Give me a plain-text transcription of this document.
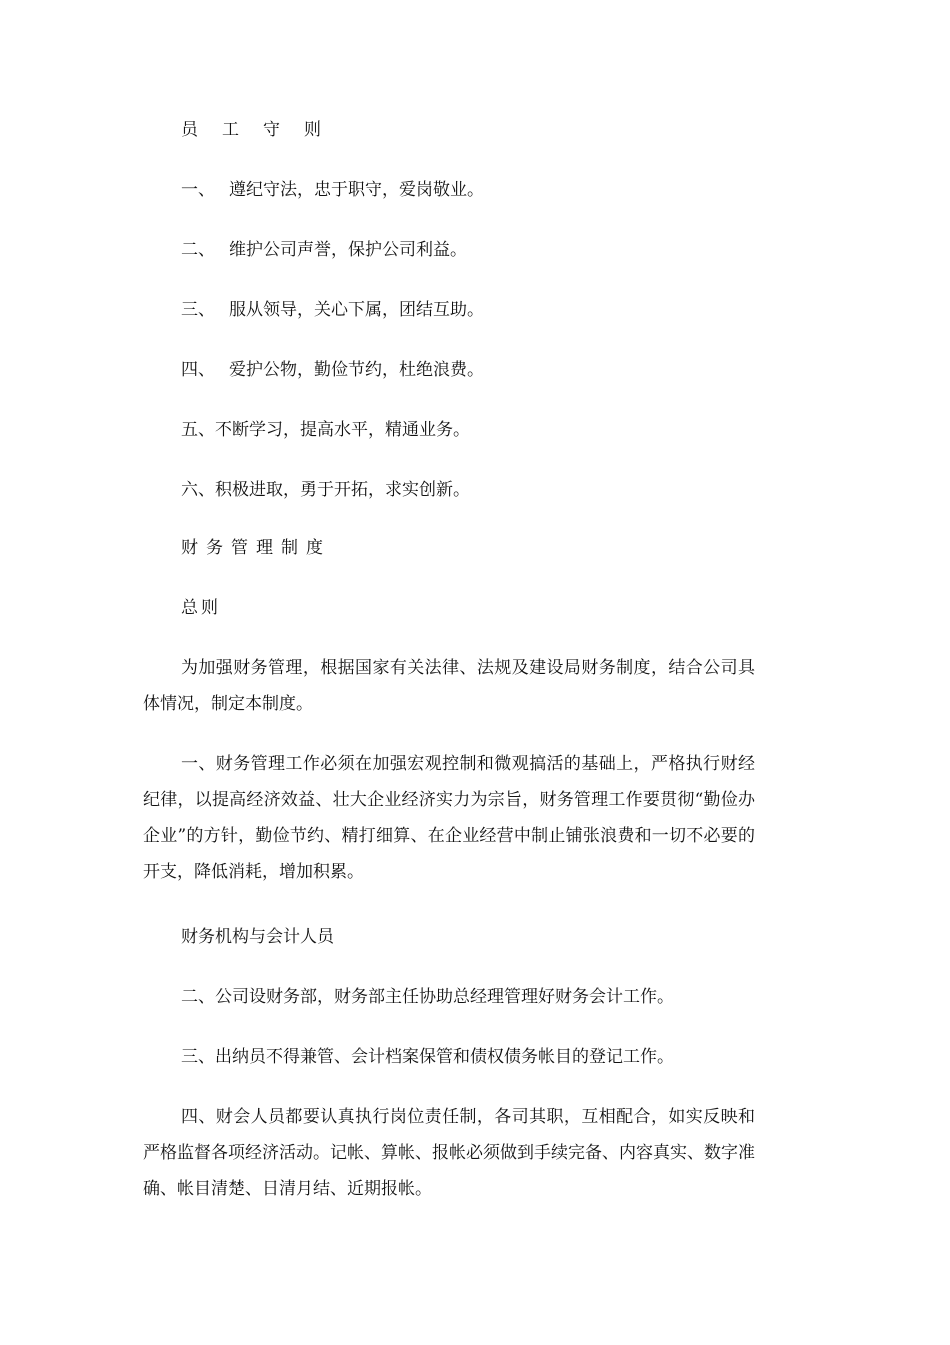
员工守则
一、 遵纪守法，忠于职守，爱岗敬业。
二、 维护公司声誉，保护公司利益。
三、 服从领导，关心下属，团结互助。
四、 爱护公物，勤俭节约，杜绝浪费。
五、不断学习，提高水平，精通业务。
六、积极进取，勇于开拓，求实创新。
财务管理制度
总则
为加强财务管理，根据国家有关法律、法规及建设局财务制度，结合公司具体情况，制定本制度。
一、财务管理工作必须在加强宏观控制和微观搞活的基础上，严格执行财经纪律，以提高经济效益、壮大企业经济实力为宗旨，财务管理工作要贯彻“勤俭办企业”的方针，勤俭节约、精打细算、在企业经营中制止铺张浪费和一切不必要的开支，降低消耗，增加积累。
财务机构与会计人员
二、公司设财务部，财务部主任协助总经理管理好财务会计工作。
三、出纳员不得兼管、会计档案保管和债权债务帐目的登记工作。
四、财会人员都要认真执行岗位责任制，各司其职，互相配合，如实反映和严格监督各项经济活动。记帐、算帐、报帐必须做到手续完备、内容真实、数字准确、帐目清楚、日清月结、近期报帐。
